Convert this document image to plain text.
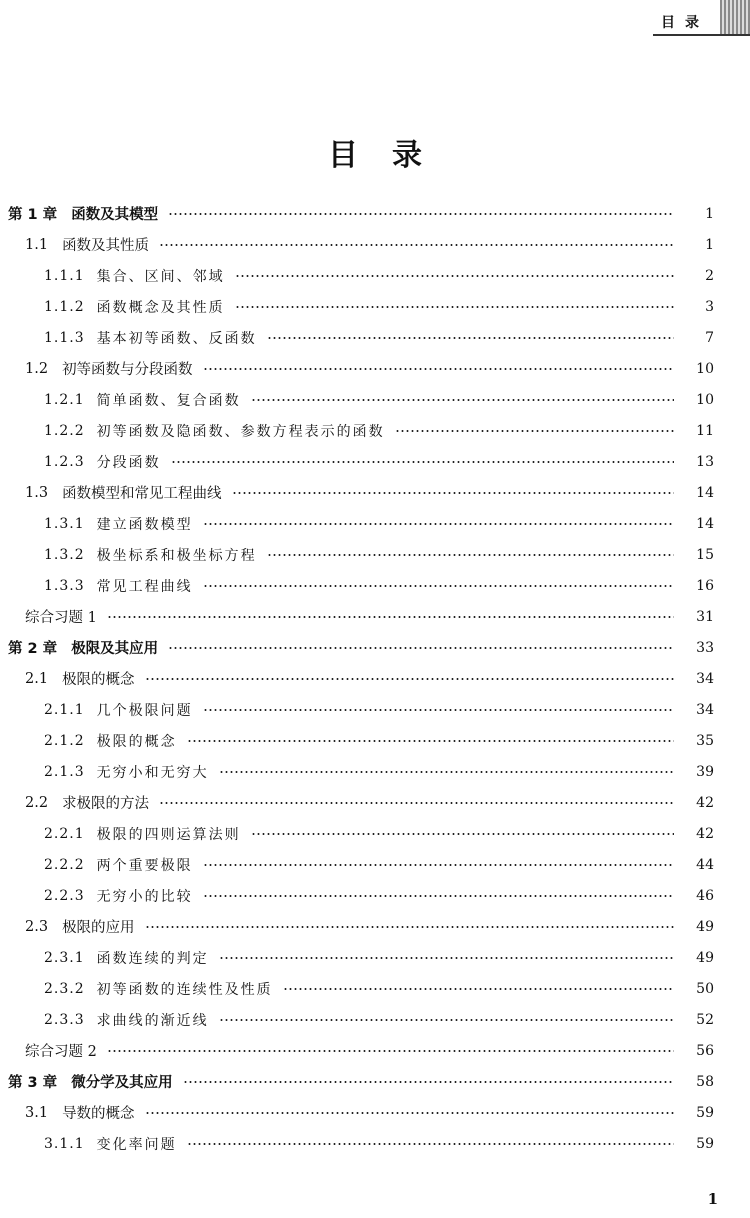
目录
目录
第 1 章 函数及其模型	1
1.1 函数及其性质	1
1.1.1 集合、区间、邻域	2
1.1.2 函数概念及其性质	3
1.1.3 基本初等函数、反函数	7
1.2 初等函数与分段函数	10
1.2.1 简单函数、复合函数	10
1.2.2 初等函数及隐函数、参数方程表示的函数	11
1.2.3 分段函数	13
1.3 函数模型和常见工程曲线	14
1.3.1 建立函数模型	14
1.3.2 极坐标系和极坐标方程	15
1.3.3 常见工程曲线	16
综合习题 1	31
第 2 章 极限及其应用	33
2.1 极限的概念	34
2.1.1 几个极限问题	34
2.1.2 极限的概念	35
2.1.3 无穷小和无穷大	39
2.2 求极限的方法	42
2.2.1 极限的四则运算法则	42
2.2.2 两个重要极限	44
2.2.3 无穷小的比较	46
2.3 极限的应用	49
2.3.1 函数连续的判定	49
2.3.2 初等函数的连续性及性质	50
2.3.3 求曲线的渐近线	52
综合习题 2	56
第 3 章 微分学及其应用	58
3.1 导数的概念	59
3.1.1 变化率问题	59
1
